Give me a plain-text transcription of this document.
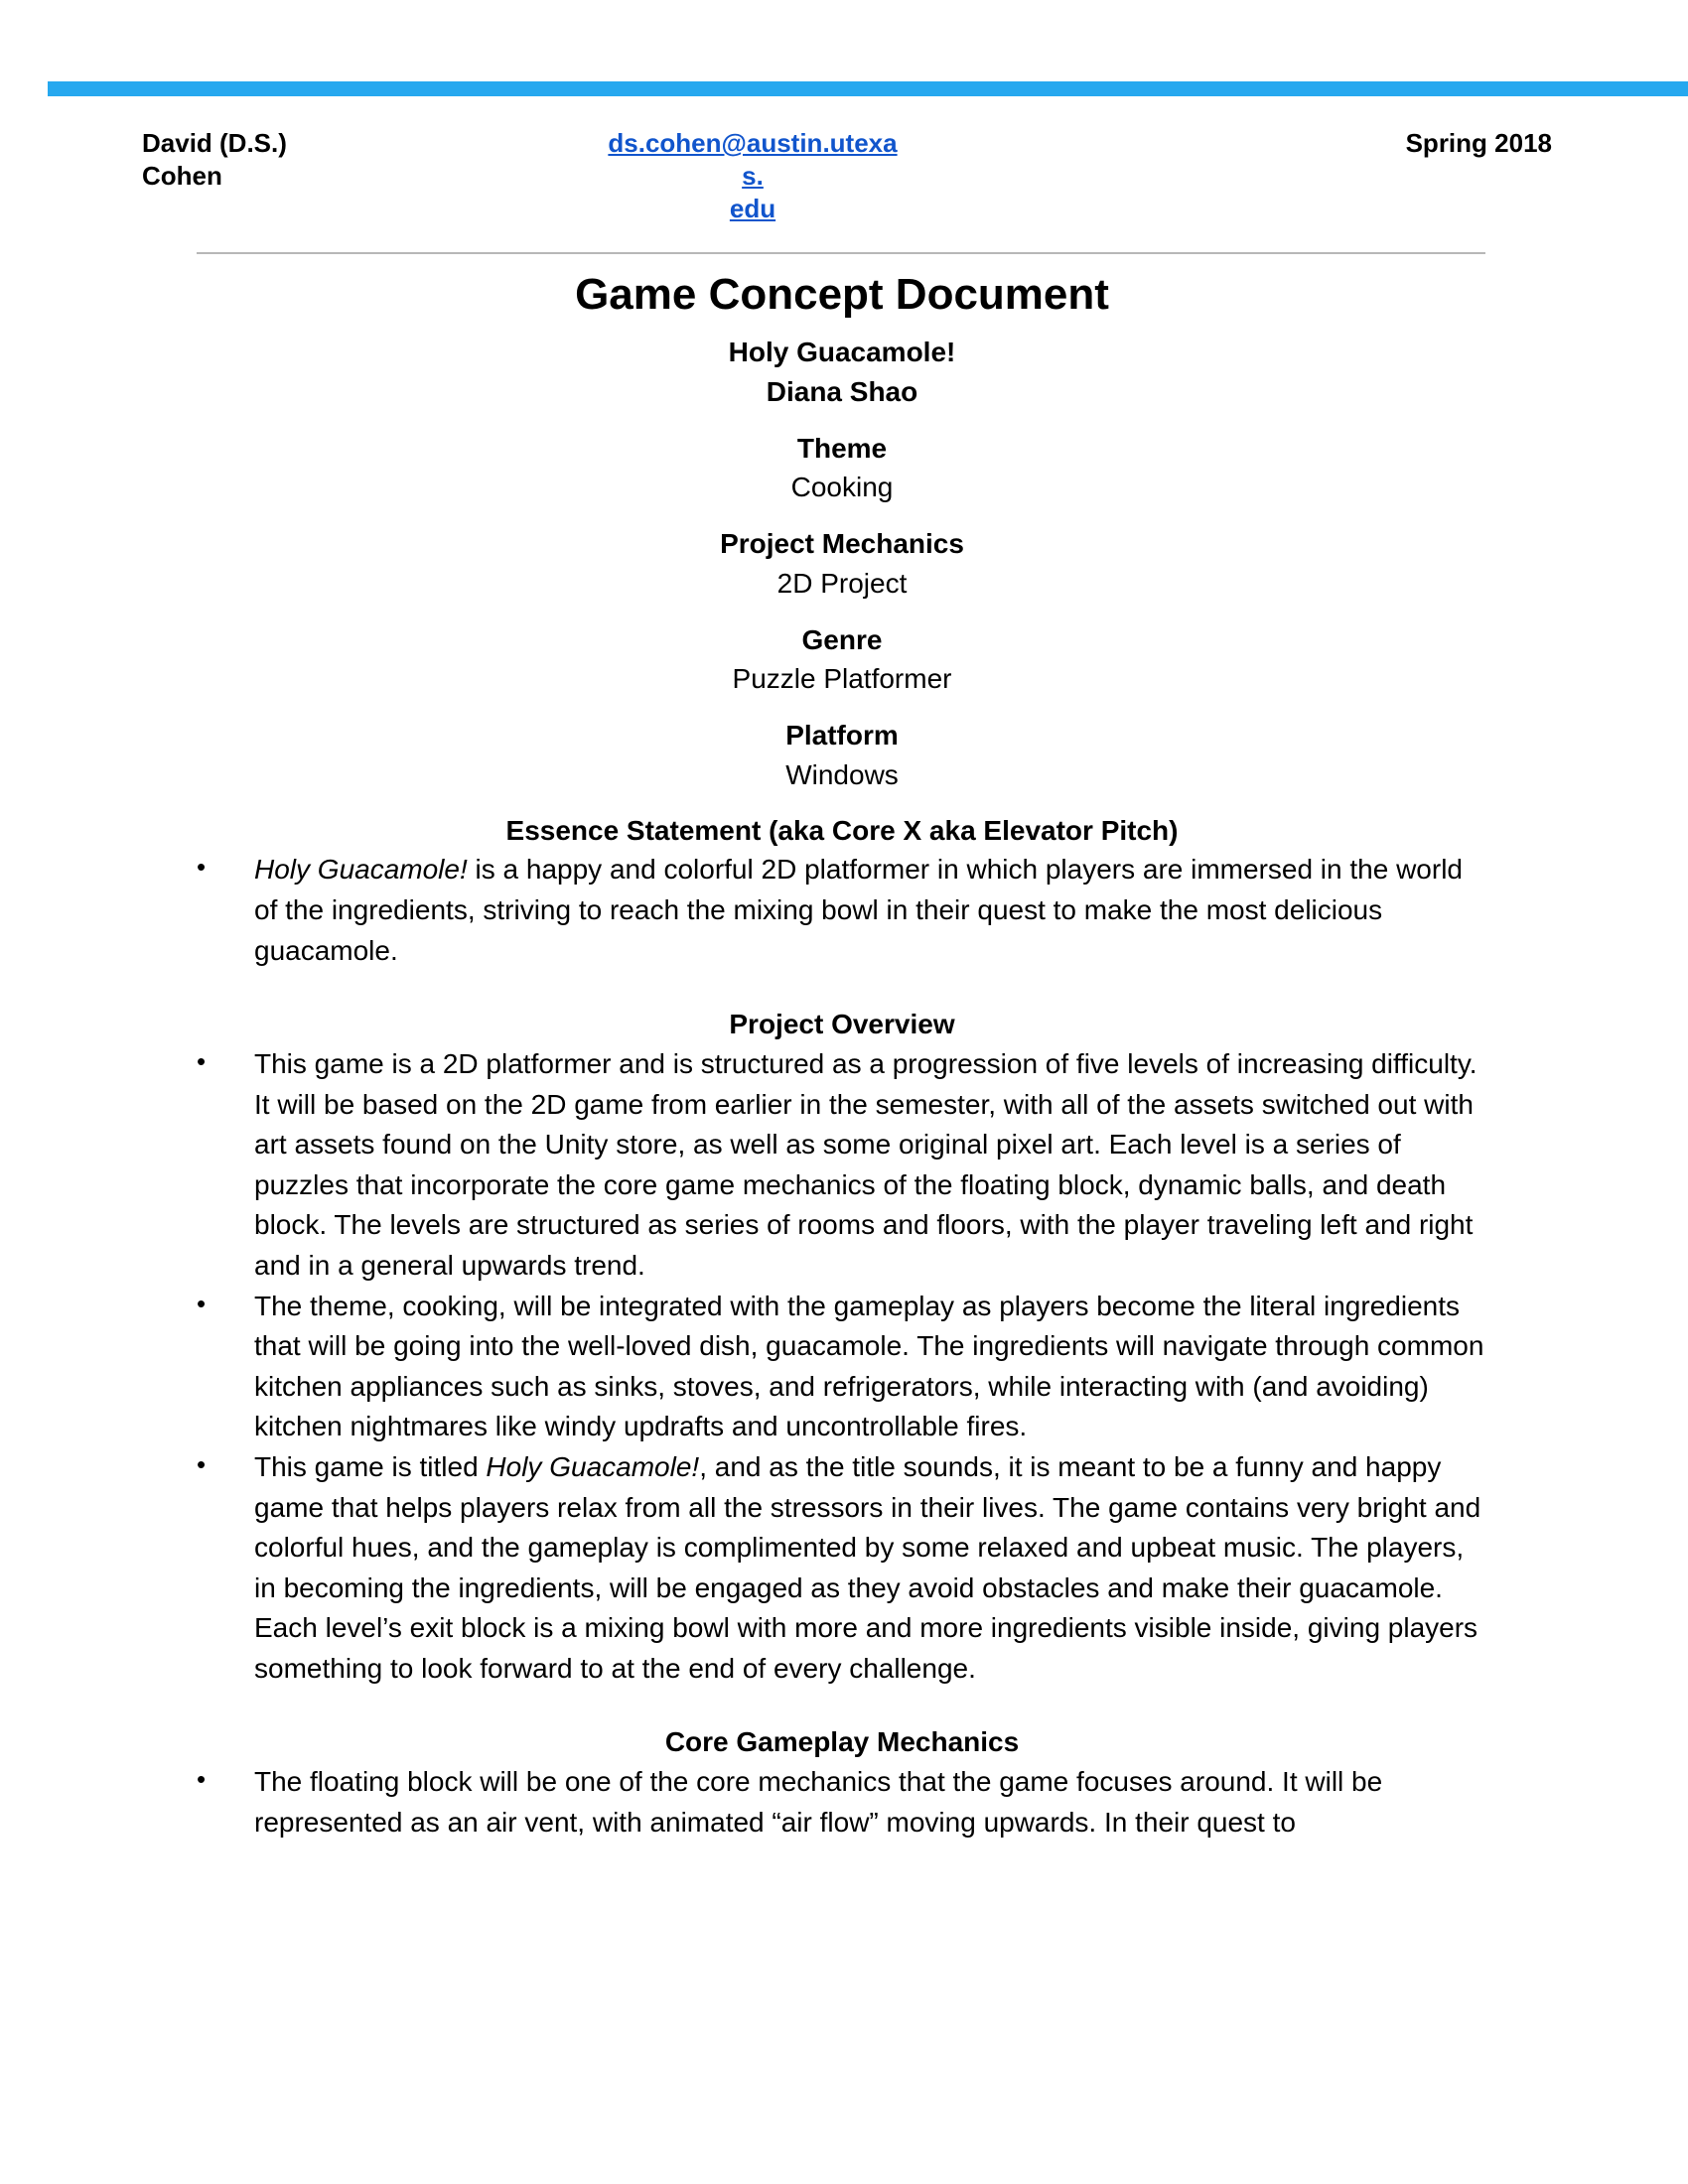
David (D.S.)
Cohen
ds.cohen@austin.utexas.
edu
Spring 2018
Game Concept Document
Holy Guacamole!
Diana Shao
Theme
Cooking
Project Mechanics
2D Project
Genre
Puzzle Platformer
Platform
Windows
Essence Statement (aka Core X aka Elevator Pitch)
• Holy Guacamole! is a happy and colorful 2D platformer in which players are immersed in the world of the ingredients, striving to reach the mixing bowl in their quest to make the most delicious guacamole.
Project Overview
• This game is a 2D platformer and is structured as a progression of five levels of increasing difficulty. It will be based on the 2D game from earlier in the semester, with all of the assets switched out with art assets found on the Unity store, as well as some original pixel art. Each level is a series of puzzles that incorporate the core game mechanics of the floating block, dynamic balls, and death block. The levels are structured as series of rooms and floors, with the player traveling left and right and in a general upwards trend.
• The theme, cooking, will be integrated with the gameplay as players become the literal ingredients that will be going into the well-loved dish, guacamole. The ingredients will navigate through common kitchen appliances such as sinks, stoves, and refrigerators, while interacting with (and avoiding) kitchen nightmares like windy updrafts and uncontrollable fires.
• This game is titled Holy Guacamole!, and as the title sounds, it is meant to be a funny and happy game that helps players relax from all the stressors in their lives. The game contains very bright and colorful hues, and the gameplay is complimented by some relaxed and upbeat music. The players, in becoming the ingredients, will be engaged as they avoid obstacles and make their guacamole. Each level’s exit block is a mixing bowl with more and more ingredients visible inside, giving players something to look forward to at the end of every challenge.
Core Gameplay Mechanics
• The floating block will be one of the core mechanics that the game focuses around. It will be represented as an air vent, with animated “air flow” moving upwards. In their quest to
